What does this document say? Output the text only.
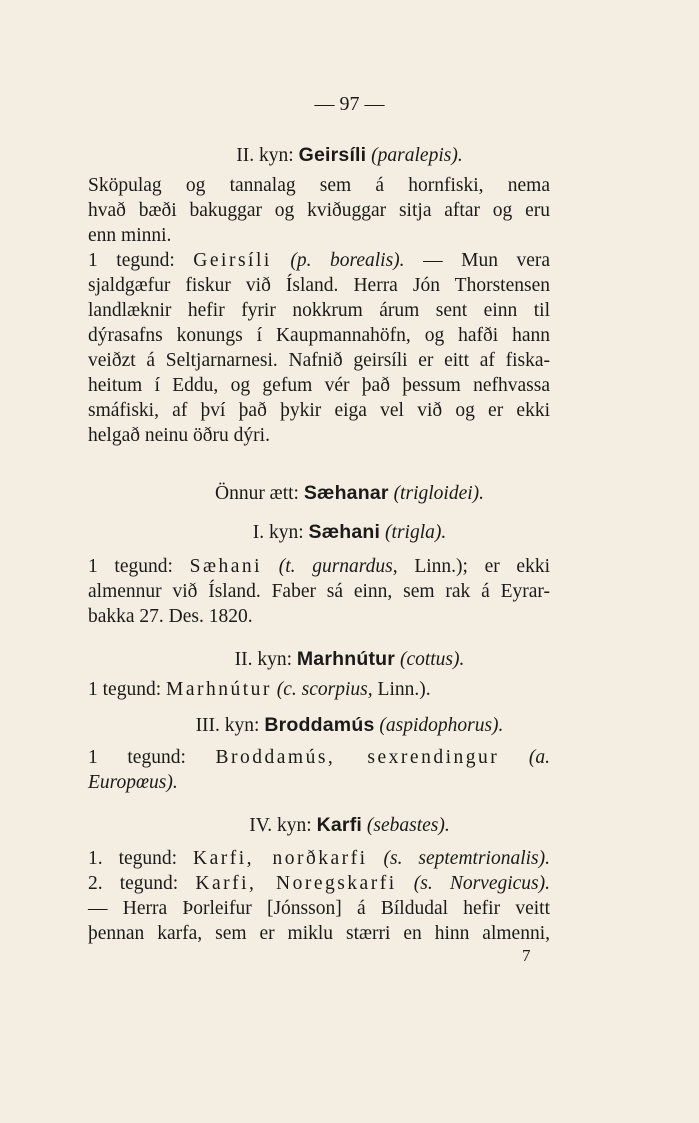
— 97 —
II. kyn: Geirsíli (paralepis).
Sköpulag og tannalag sem á hornfiski, nema
hvað bæði bakuggar og kviðuggar sitja aftar og eru
enn minni.
1 tegund: Geirsíli (p. borealis). — Mun vera
sjaldgæfur fiskur við Ísland. Herra Jón Thorstensen
landlæknir hefir fyrir nokkrum árum sent einn til
dýrasafns konungs í Kaupmannahöfn, og hafði hann
veiðzt á Seltjarnarnesi. Nafnið geirsíli er eitt af fiska-
heitum í Eddu, og gefum vér það þessum nefhvassa
smáfiski, af því það þykir eiga vel við og er ekki
helgað neinu öðru dýri.
Önnur ætt: Sæhanar (trigloidei).
I. kyn: Sæhani (trigla).
1 tegund: Sæhani (t. gurnardus, Linn.); er ekki
almennur við Ísland. Faber sá einn, sem rak á Eyrar-
bakka 27. Des. 1820.
II. kyn: Marhnútur (cottus).
1 tegund: Marhnútur (c. scorpius, Linn.).
III. kyn: Broddamús (aspidophorus).
1 tegund: Broddamús, sexrendingur (a.
Europœus).
IV. kyn: Karfi (sebastes).
1. tegund: Karfi, norðkarfi (s. septemtrionalis).
2. tegund: Karfi, Noregskarfi (s. Norvegicus).
— Herra Þorleifur [Jónsson] á Bíldudal hefir veitt
þennan karfa, sem er miklu stærri en hinn almenni,
7
